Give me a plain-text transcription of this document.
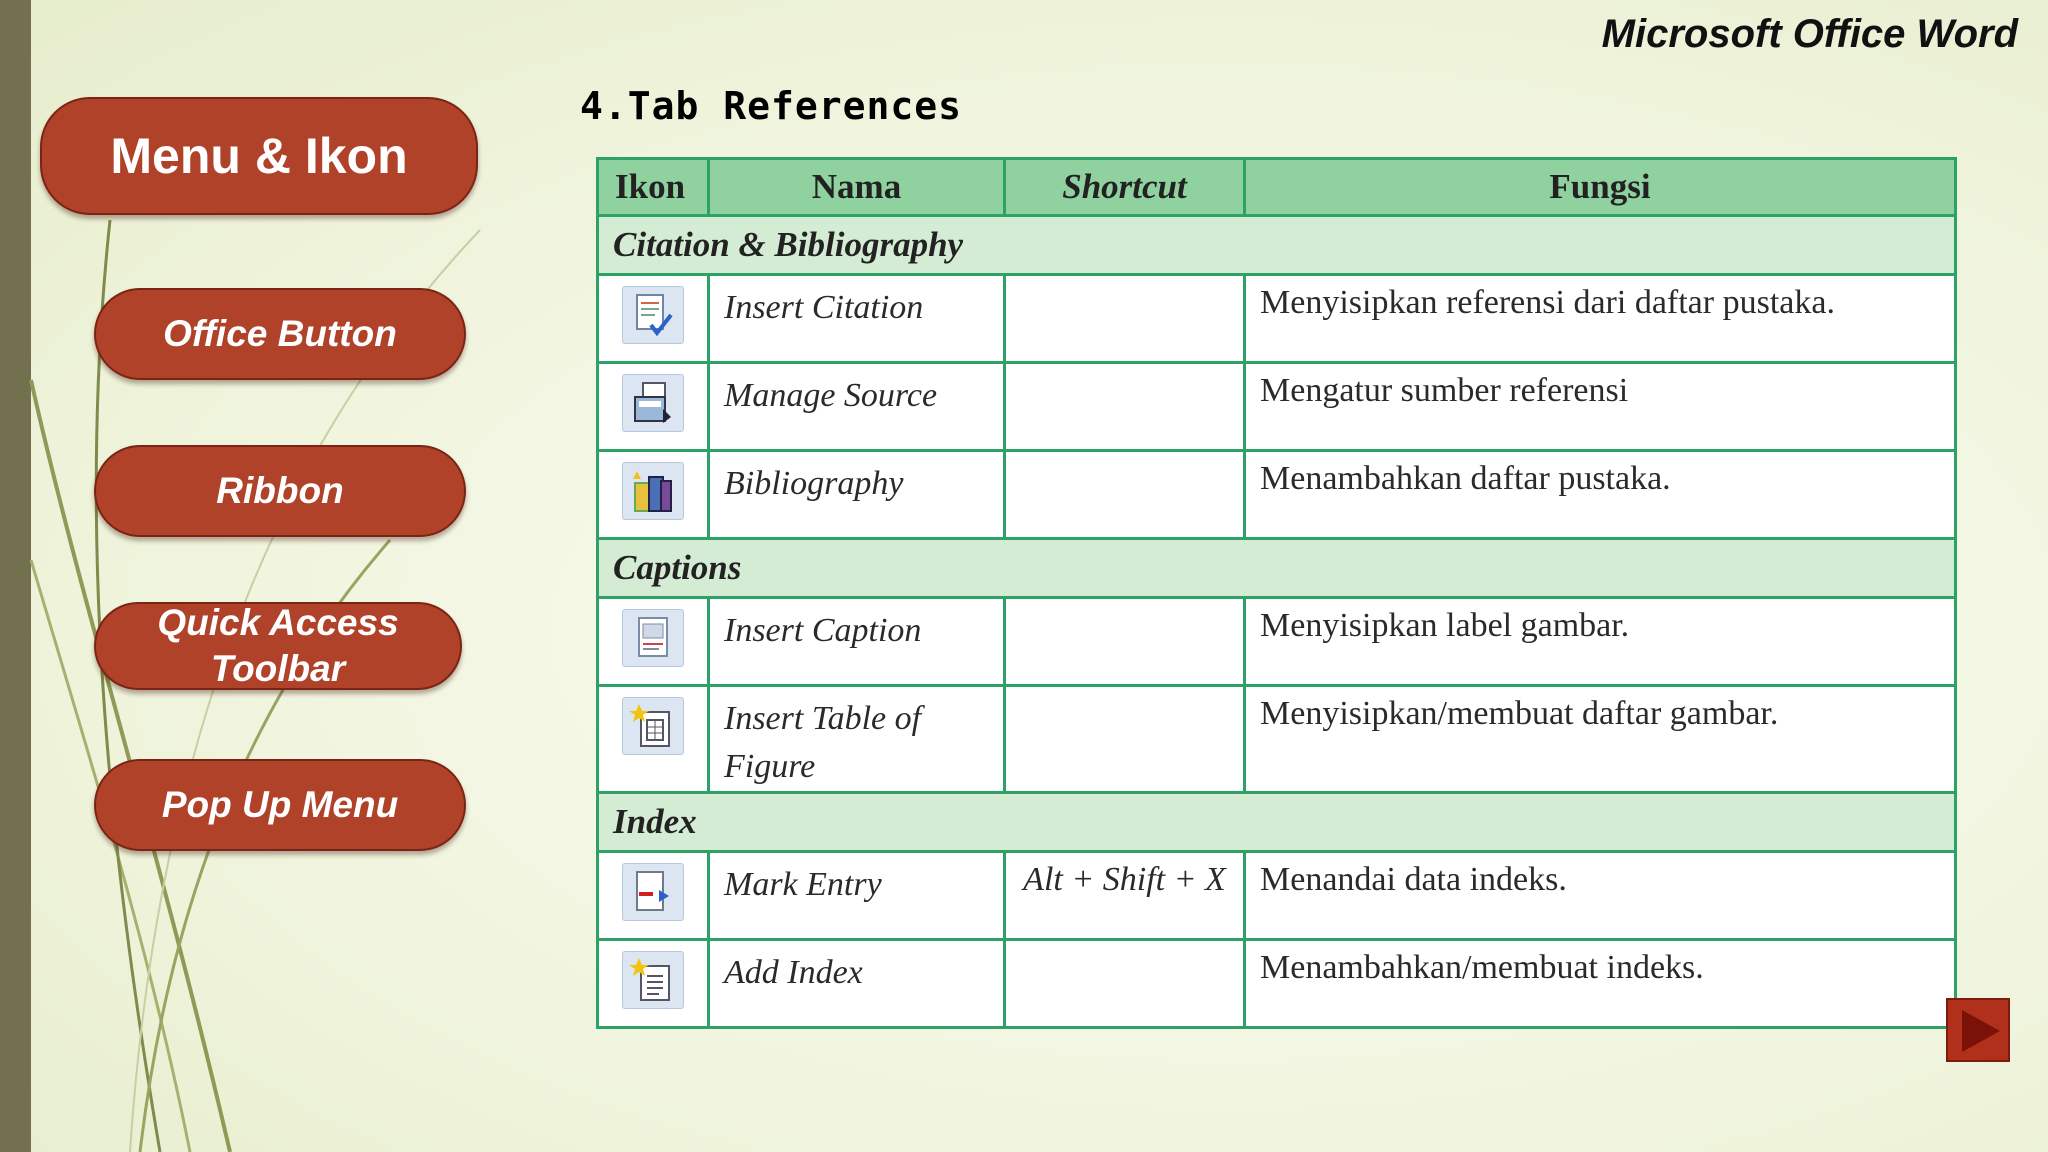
Microsoft Office Word
4.Tab References
Menu & Ikon
Office Button
Ribbon
Quick Access Toolbar
Pop Up Menu
Ikon	Nama	Shortcut	Fungsi
Citation & Bibliography			

	Insert Citation		Menyisipkan referensi dari daftar pustaka.

	Manage Source		Mengatur sumber referensi

	Bibliography		Menambahkan daftar pustaka.
Captions			

	Insert Caption		Menyisipkan label gambar.

	Insert Table of Figure		Menyisipkan/membuat daftar gambar.
Index			

	Mark Entry	Alt + Shift + X	Menandai data indeks.

	Add Index		Menambahkan/membuat indeks.
